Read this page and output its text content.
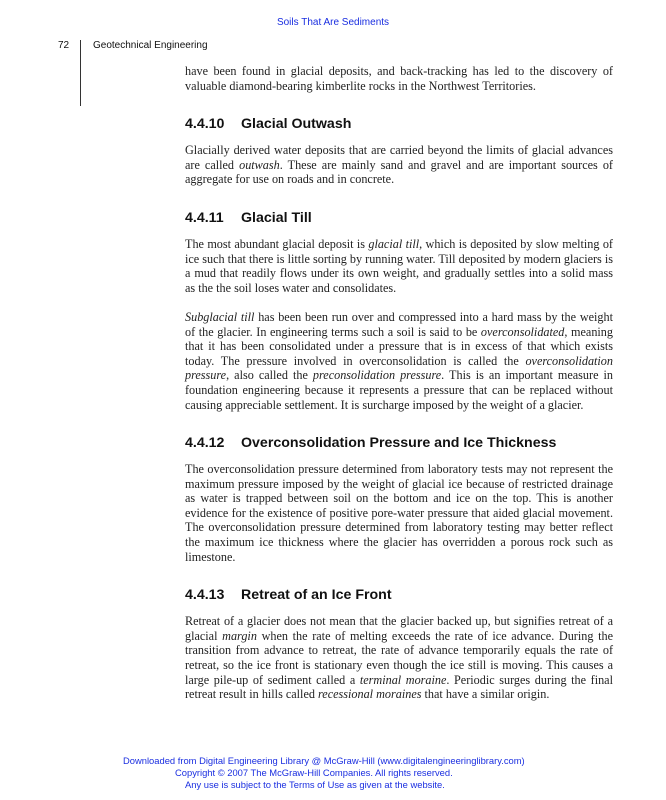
Soils That Are Sediments
72 Geotechnical Engineering

have been found in glacial deposits, and back-tracking has led to the discovery of valuable diamond-bearing kimberlite rocks in the Northwest Territories.

4.4.10 Glacial Outwash

Glacially derived water deposits that are carried beyond the limits of glacial advances are called outwash. These are mainly sand and gravel and are important sources of aggregate for use on roads and in concrete.

4.4.11 Glacial Till

The most abundant glacial deposit is glacial till, which is deposited by slow melting of ice such that there is little sorting by running water. Till deposited by modern glaciers is a mud that readily flows under its own weight, and gradually settles into a solid mass as the the soil loses water and consolidates.

Subglacial till has been been run over and compressed into a hard mass by the weight of the glacier. In engineering terms such a soil is said to be overconsolidated, meaning that it has been consolidated under a pressure that is in excess of that which exists today. The pressure involved in overconsolidation is called the overconsolidation pressure, also called the preconsolidation pressure. This is an important measure in foundation engineering because it represents a pressure that can be replaced without causing appreciable settlement. It is surcharge imposed by the weight of a glacier.

4.4.12 Overconsolidation Pressure and Ice Thickness

The overconsolidation pressure determined from laboratory tests may not represent the maximum pressure imposed by the weight of glacial ice because of restricted drainage as water is trapped between soil on the bottom and ice on the top. This is another evidence for the existence of positive pore-water pressure that aided glacial movement. The overconsolidation pressure determined from laboratory testing may better reflect the maximum ice thickness where the glacier has overridden a porous rock such as limestone.

4.4.13 Retreat of an Ice Front

Retreat of a glacier does not mean that the glacier backed up, but signifies retreat of a glacial margin when the rate of melting exceeds the rate of ice advance. During the transition from advance to retreat, the rate of advance temporarily equals the rate of retreat, so the ice front is stationary even though the ice still is moving. This causes a large pile-up of sediment called a terminal moraine. Periodic surges during the final retreat result in hills called recessional moraines that have a similar origin.

Downloaded from Digital Engineering Library @ McGraw-Hill (www.digitalengineeringlibrary.com)
Copyright © 2007 The McGraw-Hill Companies. All rights reserved.
Any use is subject to the Terms of Use as given at the website.
